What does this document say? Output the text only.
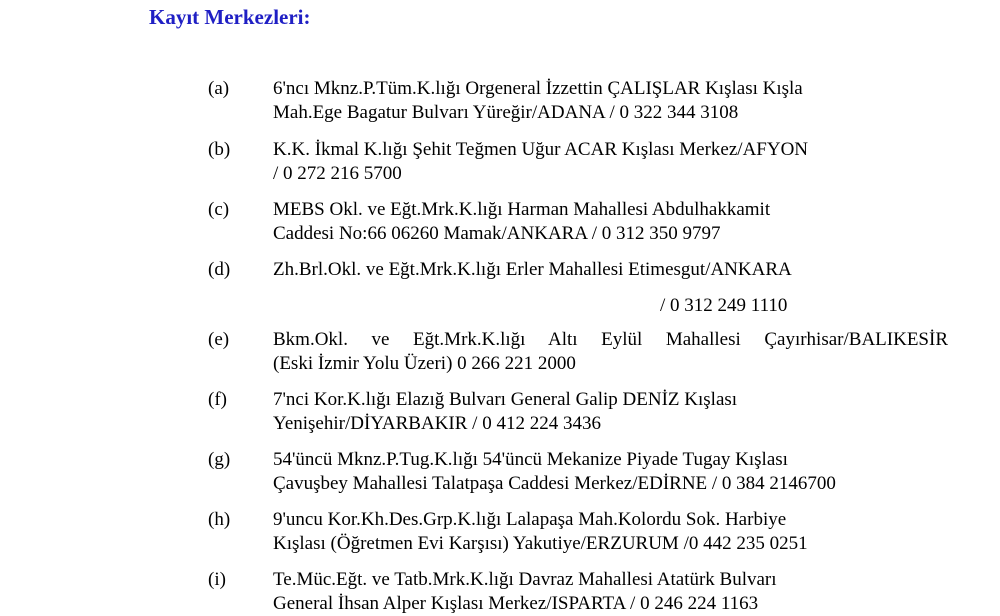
Kayıt Merkezleri:
(a)	6'ncı Mknz.P.Tüm.K.lığı Orgeneral İzzettin ÇALIŞLAR Kışlası Kışla
Mah.Ege Bagatur Bulvarı Yüreğir/ADANA / 0 322 344 3108
(b)	K.K. İkmal K.lığı Şehit Teğmen Uğur ACAR Kışlası Merkez/AFYON
/ 0 272 216 5700
(c)	MEBS Okl. ve Eğt.Mrk.K.lığı Harman Mahallesi Abdulhakkamit
Caddesi No:66 06260 Mamak/ANKARA / 0 312 350 9797
(d)	Zh.Brl.Okl. ve Eğt.Mrk.K.lığı Erler Mahallesi Etimesgut/ANKARA
/ 0 312 249 1110
(e)	Bkm.Okl. ve Eğt.Mrk.K.lığı Altı Eylül Mahallesi Çayırhisar/BALIKESİR
(Eski İzmir Yolu Üzeri) 0 266 221 2000
(f)	7'nci Kor.K.lığı Elazığ Bulvarı General Galip DENİZ Kışlası
Yenişehir/DİYARBAKIR / 0 412 224 3436
(g)	54'üncü Mknz.P.Tug.K.lığı 54'üncü Mekanize Piyade Tugay Kışlası
Çavuşbey Mahallesi Talatpaşa Caddesi Merkez/EDİRNE / 0 384 2146700
(h)	9'uncu Kor.Kh.Des.Grp.K.lığı Lalapaşa Mah.Kolordu Sok. Harbiye
Kışlası (Öğretmen Evi Karşısı) Yakutiye/ERZURUM /0 442 235 0251
(i)	Te.Müc.Eğt. ve Tatb.Mrk.K.lığı Davraz Mahallesi Atatürk Bulvarı
General İhsan Alper Kışlası Merkez/ISPARTA / 0 246 224 1163
